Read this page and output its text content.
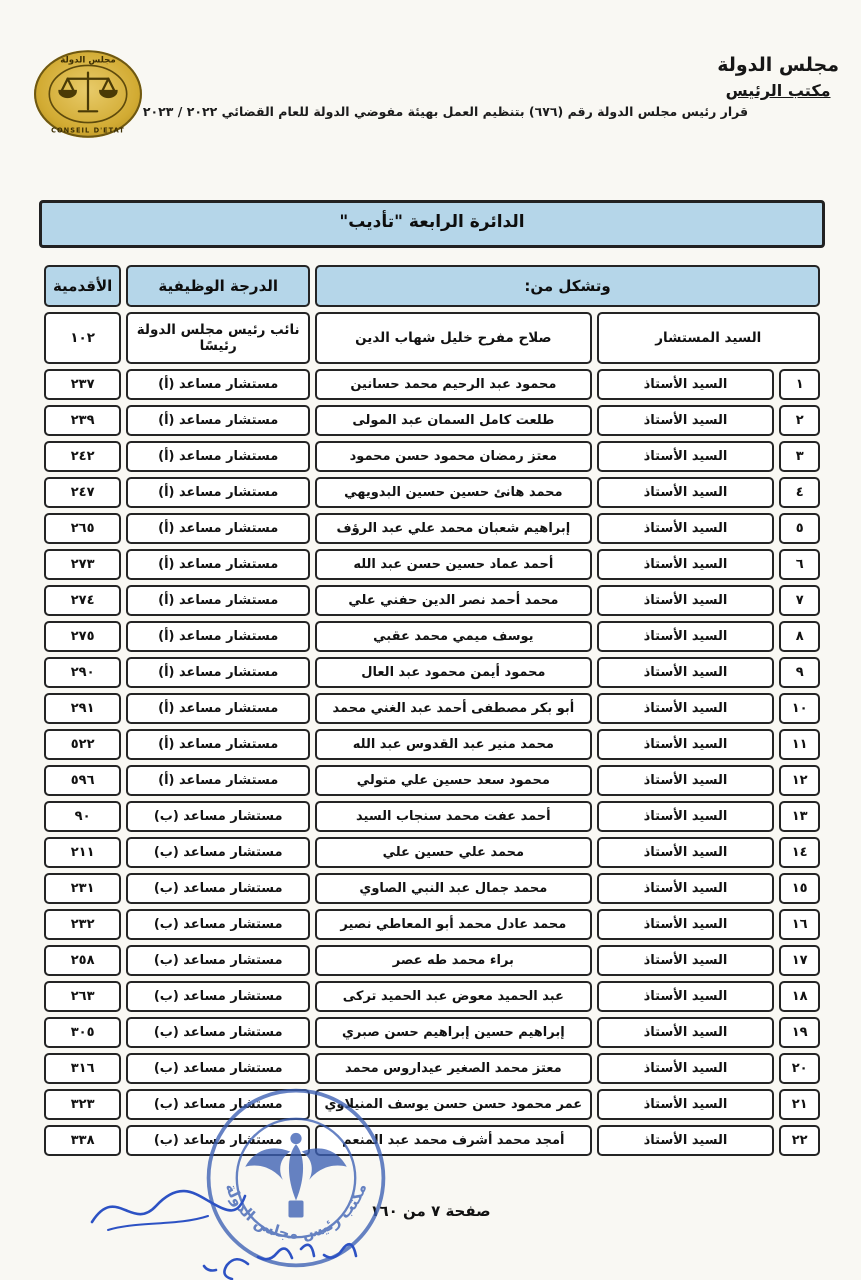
مجلس الدولة
CONSEIL D'ETAT
قرار رئيس مجلس الدولة رقم (٦٧٦) بتنظيم العمل بهيئة مفوضي الدولة للعام القضائي ٢٠٢٢ / ٢٠٢٣
مجلس الدولة
مكتب الرئيس
الدائرة الرابعة "تأديب"
وتشكل من:			الدرجة الوظيفية	الأقدمية
السيد المستشار		صلاح مفرح خليل شهاب الدين	نائب رئيس مجلس الدولة رئيسًا	١٠٢
١	السيد الأستاذ	محمود عبد الرحيم محمد حسانين	مستشار مساعد (أ)	٢٣٧
٢	السيد الأستاذ	طلعت كامل السمان عبد المولى	مستشار مساعد (أ)	٢٣٩
٣	السيد الأستاذ	معتز رمضان محمود حسن محمود	مستشار مساعد (أ)	٢٤٢
٤	السيد الأستاذ	محمد هانئ حسين حسين البدويهي	مستشار مساعد (أ)	٢٤٧
٥	السيد الأستاذ	إبراهيم شعبان محمد علي عبد الرؤف	مستشار مساعد (أ)	٢٦٥
٦	السيد الأستاذ	أحمد عماد حسين حسن عبد الله	مستشار مساعد (أ)	٢٧٣
٧	السيد الأستاذ	محمد أحمد نصر الدين حفني علي	مستشار مساعد (أ)	٢٧٤
٨	السيد الأستاذ	يوسف ميمي محمد عقبي	مستشار مساعد (أ)	٢٧٥
٩	السيد الأستاذ	محمود أيمن محمود عبد العال	مستشار مساعد (أ)	٢٩٠
١٠	السيد الأستاذ	أبو بكر مصطفى أحمد عبد الغني محمد	مستشار مساعد (أ)	٢٩١
١١	السيد الأستاذ	محمد منير عبد القدوس عبد الله	مستشار مساعد (أ)	٥٢٢
١٢	السيد الأستاذ	محمود سعد حسين علي متولي	مستشار مساعد (أ)	٥٩٦
١٣	السيد الأستاذ	أحمد عفت محمد سنجاب السيد	مستشار مساعد (ب)	٩٠
١٤	السيد الأستاذ	محمد علي حسين علي	مستشار مساعد (ب)	٢١١
١٥	السيد الأستاذ	محمد جمال عبد النبي الصاوي	مستشار مساعد (ب)	٢٣١
١٦	السيد الأستاذ	محمد عادل محمد أبو المعاطي نصير	مستشار مساعد (ب)	٢٣٢
١٧	السيد الأستاذ	براء محمد طه عصر	مستشار مساعد (ب)	٢٥٨
١٨	السيد الأستاذ	عبد الحميد معوض عبد الحميد تركى	مستشار مساعد (ب)	٢٦٣
١٩	السيد الأستاذ	إبراهيم حسين إبراهيم حسن صبري	مستشار مساعد (ب)	٣٠٥
٢٠	السيد الأستاذ	معتز محمد الصغير عيداروس محمد	مستشار مساعد (ب)	٣١٦
٢١	السيد الأستاذ	عمر محمود حسن حسن يوسف المنيلاوي	مستشار مساعد (ب)	٣٢٣
٢٢	السيد الأستاذ	أمجد محمد أشرف محمد عبد المنعم	مستشار مساعد (ب)	٣٣٨
صفحة ٧ من ١٦٠
مكتب رئيس مجلس الدولة
